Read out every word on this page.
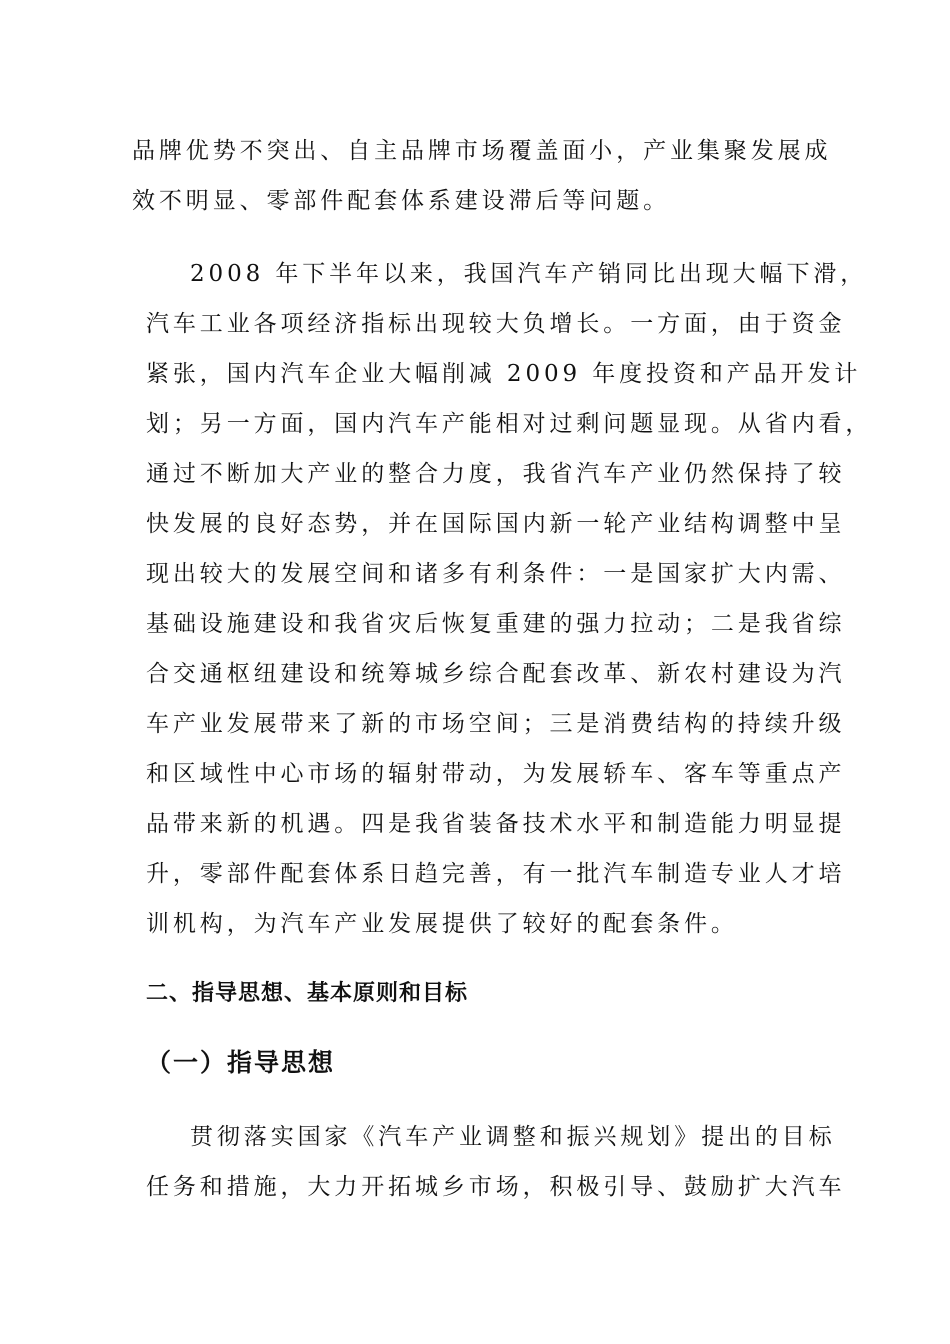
品牌优势不突出、自主品牌市场覆盖面小，产业集聚发展成
效不明显、零部件配套体系建设滞后等问题。
2008 年下半年以来，我国汽车产销同比出现大幅下滑，
汽车工业各项经济指标出现较大负增长。一方面，由于资金
紧张，国内汽车企业大幅削减 2009 年度投资和产品开发计
划；另一方面，国内汽车产能相对过剩问题显现。从省内看，
通过不断加大产业的整合力度，我省汽车产业仍然保持了较
快发展的良好态势，并在国际国内新一轮产业结构调整中呈
现出较大的发展空间和诸多有利条件：一是国家扩大内需、
基础设施建设和我省灾后恢复重建的强力拉动；二是我省综
合交通枢纽建设和统筹城乡综合配套改革、新农村建设为汽
车产业发展带来了新的市场空间；三是消费结构的持续升级
和区域性中心市场的辐射带动，为发展轿车、客车等重点产
品带来新的机遇。四是我省装备技术水平和制造能力明显提
升，零部件配套体系日趋完善，有一批汽车制造专业人才培
训机构，为汽车产业发展提供了较好的配套条件。
二、指导思想、基本原则和目标
（一）指导思想
贯彻落实国家《汽车产业调整和振兴规划》提出的目标
任务和措施，大力开拓城乡市场，积极引导、鼓励扩大汽车
